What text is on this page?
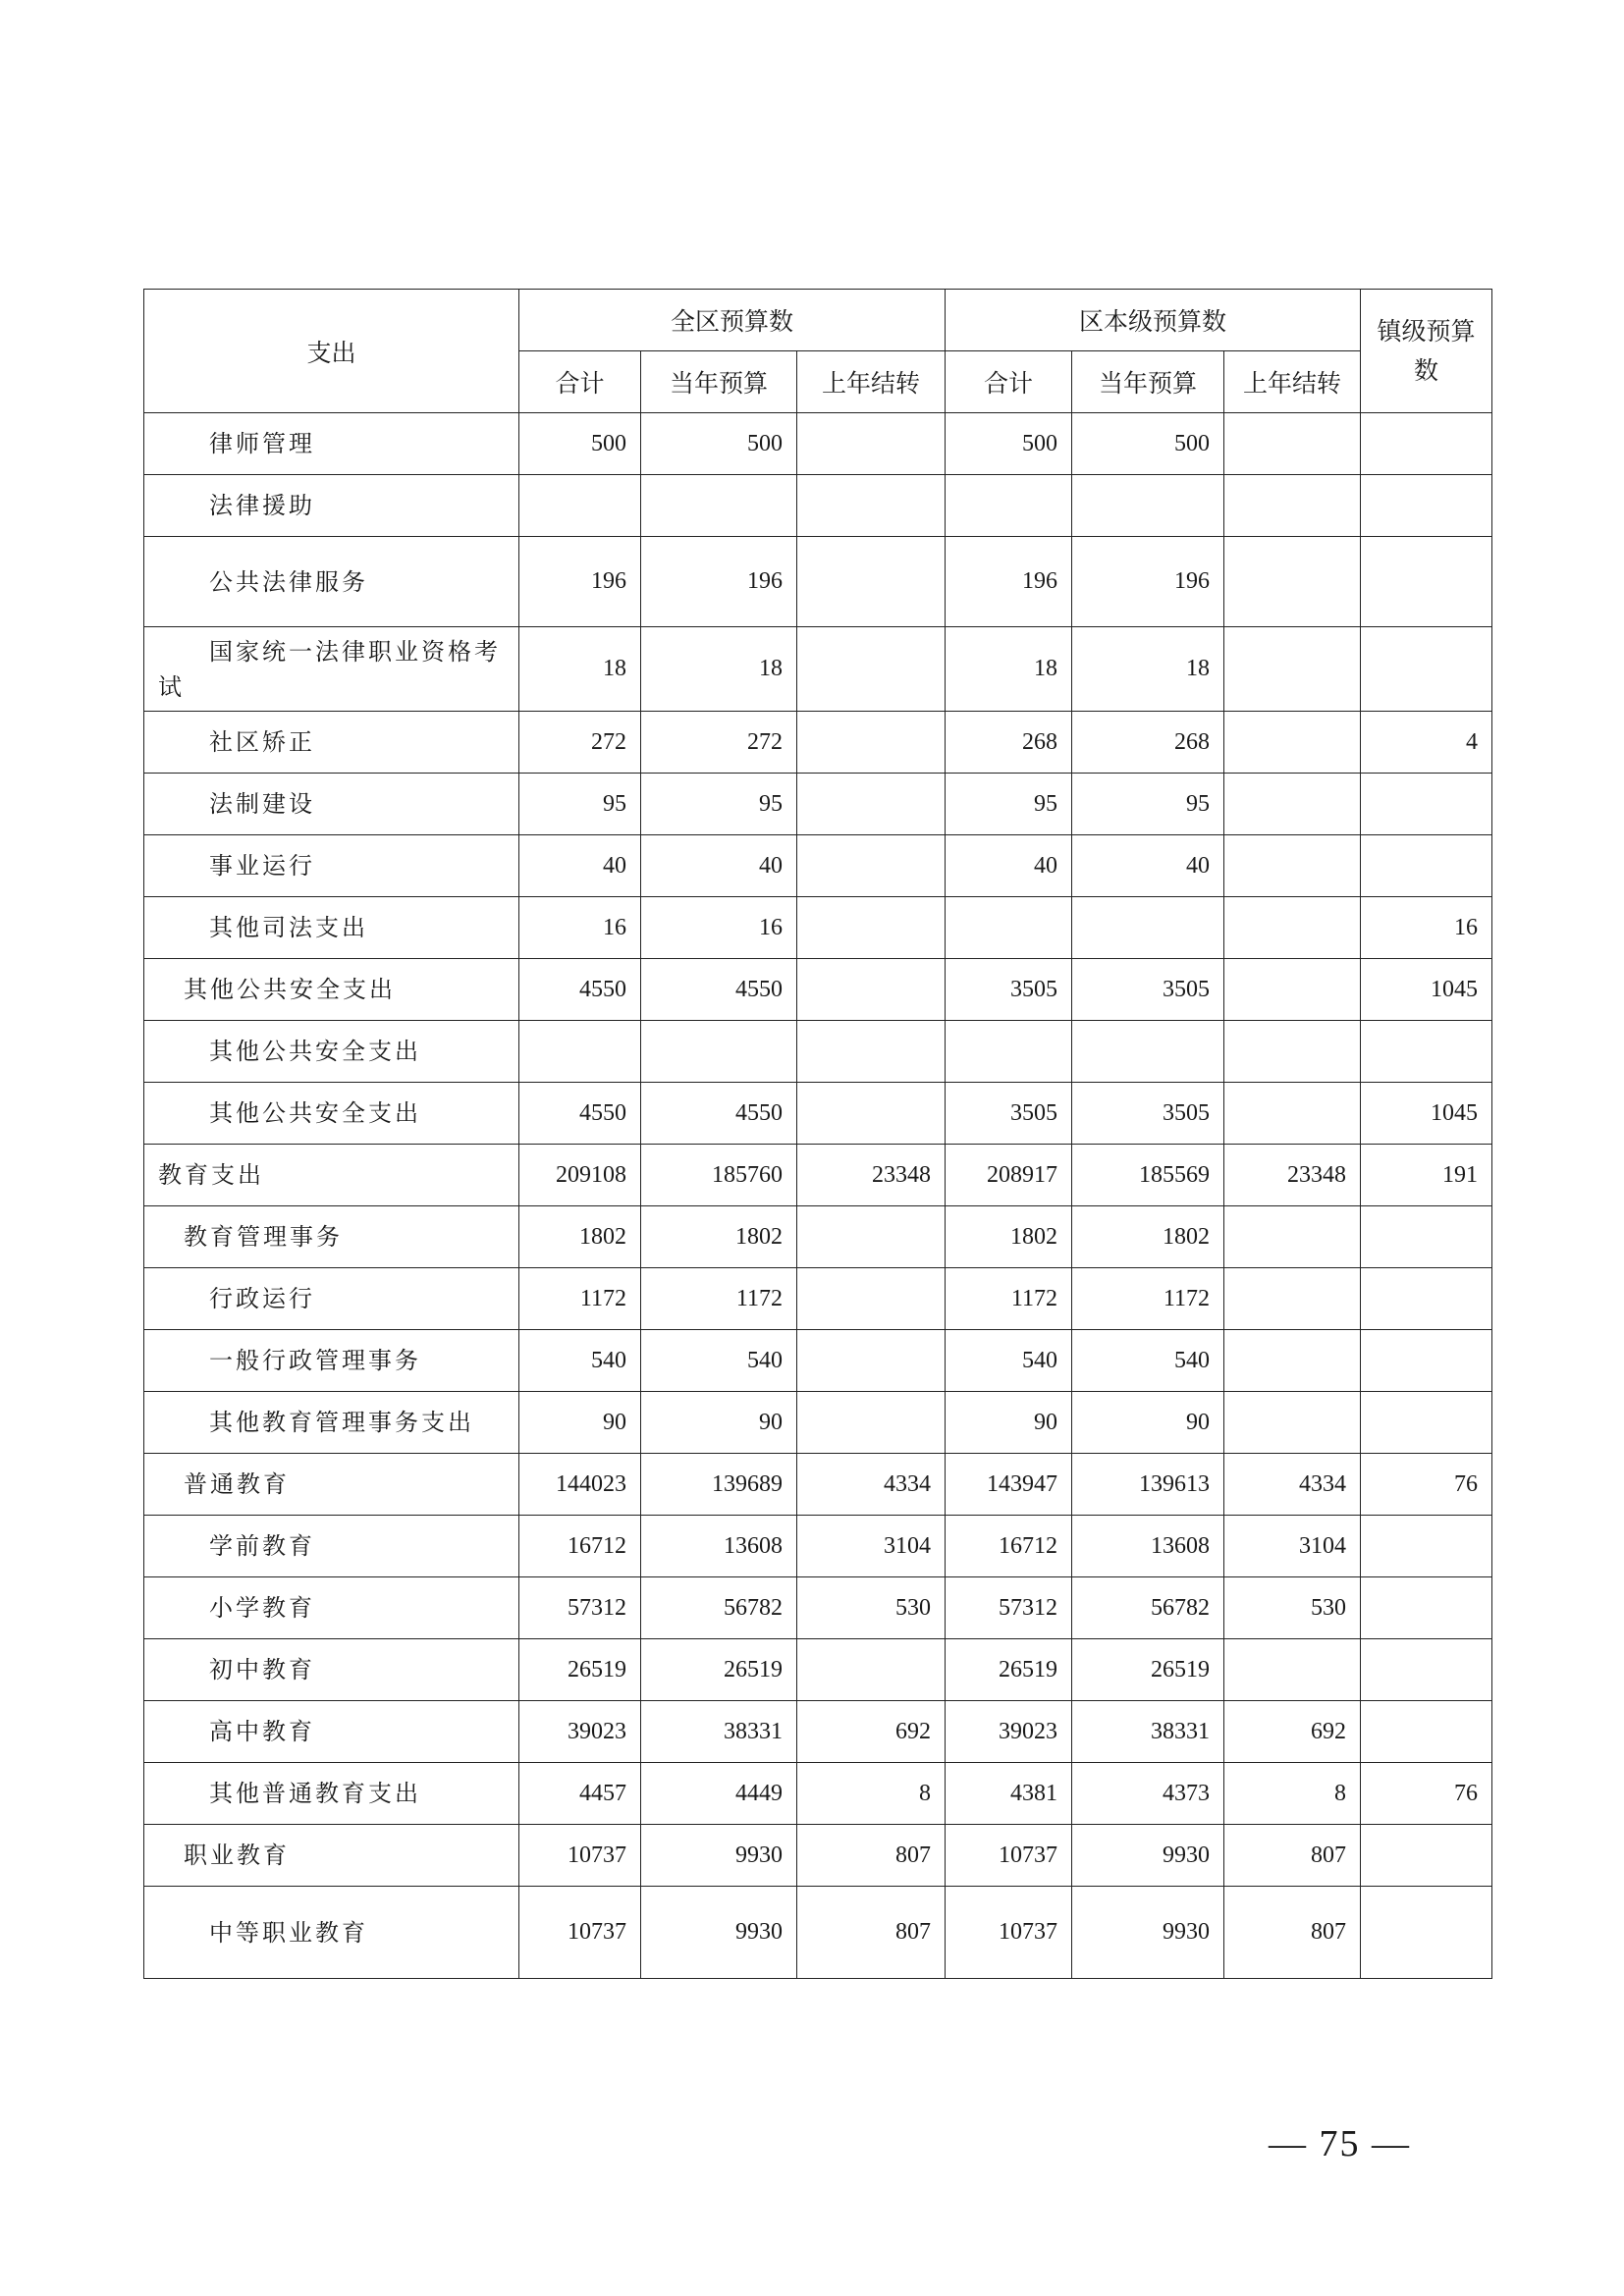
支出	全区预算数			区本级预算数			镇级预算数
	合计	当年预算	上年结转	合计	当年预算	上年结转	
律师管理	500	500		500	500		
法律援助							
公共法律服务	196	196		196	196		
国家统一法律职业资格考试	18	18		18	18		
社区矫正	272	272		268	268		4
法制建设	95	95		95	95		
事业运行	40	40		40	40		
其他司法支出	16	16					16
其他公共安全支出	4550	4550		3505	3505		1045
其他公共安全支出							
其他公共安全支出	4550	4550		3505	3505		1045
教育支出	209108	185760	23348	208917	185569	23348	191
教育管理事务	1802	1802		1802	1802		
行政运行	1172	1172		1172	1172		
一般行政管理事务	540	540		540	540		
其他教育管理事务支出	90	90		90	90		
普通教育	144023	139689	4334	143947	139613	4334	76
学前教育	16712	13608	3104	16712	13608	3104	
小学教育	57312	56782	530	57312	56782	530	
初中教育	26519	26519		26519	26519		
高中教育	39023	38331	692	39023	38331	692	
其他普通教育支出	4457	4449	8	4381	4373	8	76
职业教育	10737	9930	807	10737	9930	807	
中等职业教育	10737	9930	807	10737	9930	807	
— 75 —
